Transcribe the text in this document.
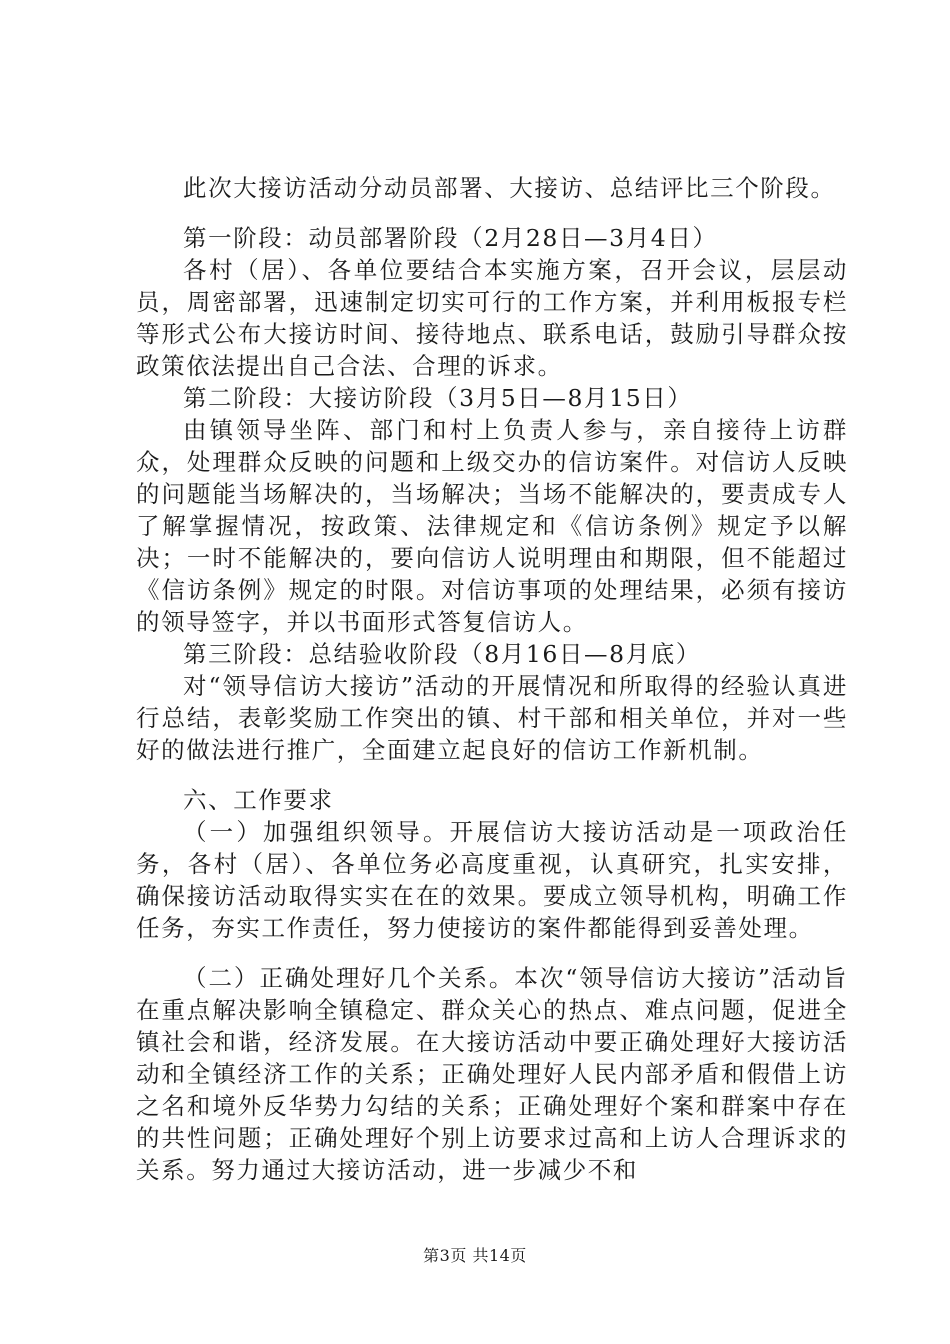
此次大接访活动分动员部署、大接访、总结评比三个阶段。

第一阶段：动员部署阶段（2月28日—3月4日）

各村（居）、各单位要结合本实施方案，召开会议，层层动员，周密部署，迅速制定切实可行的工作方案，并利用板报专栏等形式公布大接访时间、接待地点、联系电话，鼓励引导群众按政策依法提出自己合法、合理的诉求。

第二阶段：大接访阶段（3月5日—8月15日）

由镇领导坐阵、部门和村上负责人参与，亲自接待上访群众，处理群众反映的问题和上级交办的信访案件。对信访人反映的问题能当场解决的，当场解决；当场不能解决的，要责成专人了解掌握情况，按政策、法律规定和《信访条例》规定予以解决；一时不能解决的，要向信访人说明理由和期限，但不能超过《信访条例》规定的时限。对信访事项的处理结果，必须有接访的领导签字，并以书面形式答复信访人。

第三阶段：总结验收阶段（8月16日—8月底）

对“领导信访大接访”活动的开展情况和所取得的经验认真进行总结，表彰奖励工作突出的镇、村干部和相关单位，并对一些好的做法进行推广，全面建立起良好的信访工作新机制。

六、工作要求

（一）加强组织领导。开展信访大接访活动是一项政治任务，各村（居）、各单位务必高度重视，认真研究，扎实安排，确保接访活动取得实实在在的效果。要成立领导机构，明确工作任务，夯实工作责任，努力使接访的案件都能得到妥善处理。

（二）正确处理好几个关系。本次“领导信访大接访”活动旨在重点解决影响全镇稳定、群众关心的热点、难点问题，促进全镇社会和谐，经济发展。在大接访活动中要正确处理好大接访活动和全镇经济工作的关系；正确处理好人民内部矛盾和假借上访之名和境外反华势力勾结的关系；正确处理好个案和群案中存在的共性问题；正确处理好个别上访要求过高和上访人合理诉求的关系。努力通过大接访活动，进一步减少不和

第3页 共14页
